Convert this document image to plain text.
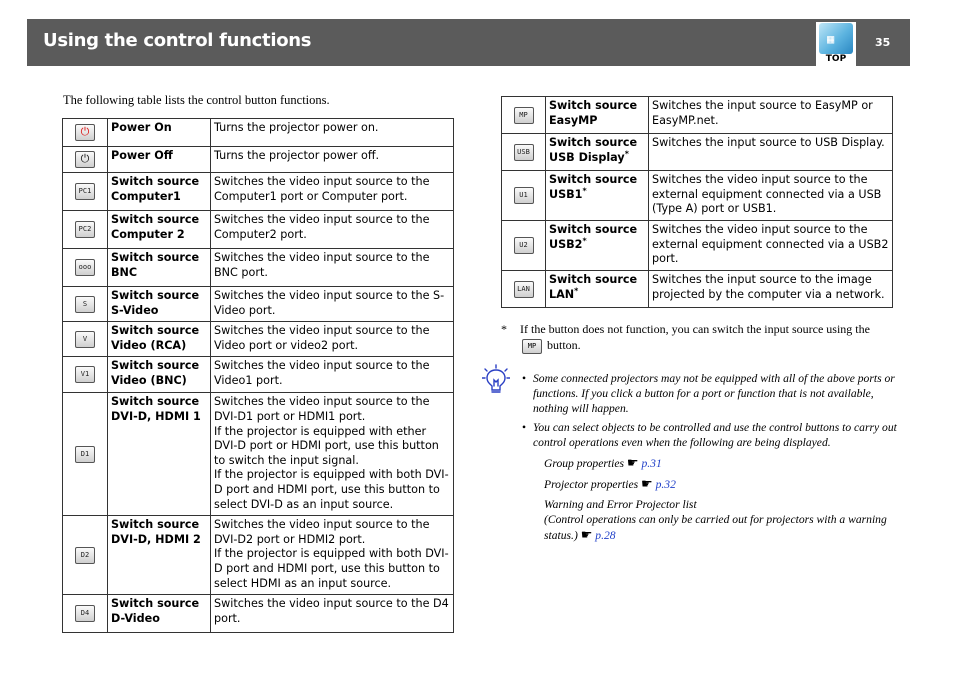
Using the control functions	▦
TOP
35
The following table lists the control button functions.
⏻	Power On	Turns the projector power on.
⏻	Power Off	Turns the projector power off.
PC1	Switch source Computer1	Switches the video input source to the Computer1 port or Computer port.
PC2	Switch source Computer 2	Switches the video input source to the Computer2 port.
ooo	Switch source BNC	Switches the video input source to the BNC port.
S	Switch source S-Video	Switches the video input source to the S-Video port.
V	Switch source Video (RCA)	Switches the video input source to the Video port or video2 port.
V1	Switch source Video (BNC)	Switches the video input source to the Video1 port.
D1	Switch source DVI-D, HDMI 1	Switches the video input source to the DVI-D1 port or HDMI1 port.
If the projector is equipped with ether DVI-D port or HDMI port, use this button to switch the input signal.
If the projector is equipped with both DVI-D port and HDMI port, use this button to select DVI-D as an input source.
D2	Switch source DVI-D, HDMI 2	Switches the video input source to the DVI-D2 port or HDMI2 port.
If the projector is equipped with both DVI-D port and HDMI port, use this button to select HDMI as an input source.
D4	Switch source D-Video	Switches the video input source to the D4 port.
MP	Switch source EasyMP	Switches the input source to EasyMP or EasyMP.net.
USB	Switch source USB Display*	Switches the input source to USB Display.
U1	Switch source USB1*	Switches the video input source to the external equipment connected via a USB (Type A) port or USB1.
U2	Switch source USB2*	Switches the video input source to the external equipment connected via a USB2 port.
LAN	Switch source LAN*	Switches the input source to the image projected by the computer via a network.
* If the button does not function, you can switch the input source using the
MP button.
• Some connected projectors may not be equipped with all of the above ports or functions. If you click a button for a port or function that is not available, nothing will happen.
• You can select objects to be controlled and use the control buttons to carry out control operations even when the following are being displayed.

Group properties ☛ p.31

Projector properties ☛ p.32

Warning and Error Projector list
(Control operations can only be carried out for projectors with a warning status.) ☛ p.28
